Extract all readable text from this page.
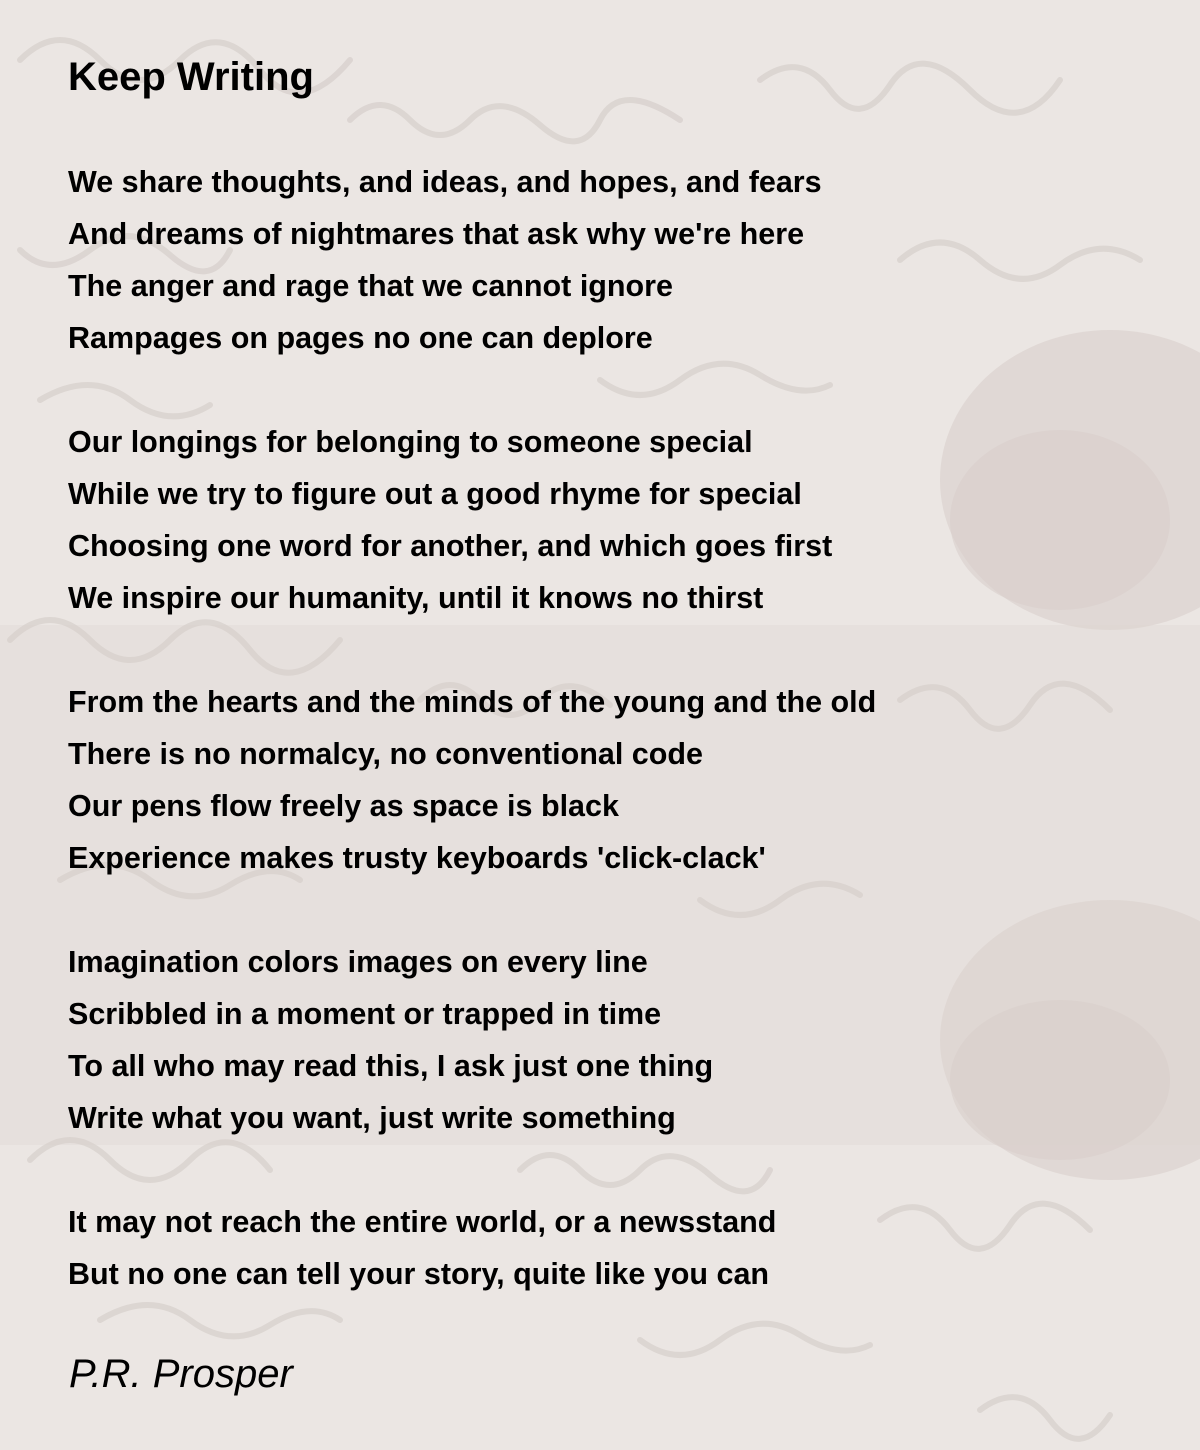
Keep Writing
We share thoughts, and ideas, and hopes, and fears
And dreams of nightmares that ask why we're here
The anger and rage that we cannot ignore
Rampages on pages no one can deplore
Our longings for belonging to someone special
While we try to figure out a good rhyme for special
Choosing one word for another, and which goes first
We inspire our humanity, until it knows no thirst
From the hearts and the minds of the young and the old
There is no normalcy, no conventional code
Our pens flow freely as space is black
Experience makes trusty keyboards 'click-clack'
Imagination colors images on every line
Scribbled in a moment or trapped in time
To all who may read this, I ask just one thing
Write what you want, just write something
It may not reach the entire world, or a newsstand
But no one can tell your story, quite like you can
P.R. Prosper
